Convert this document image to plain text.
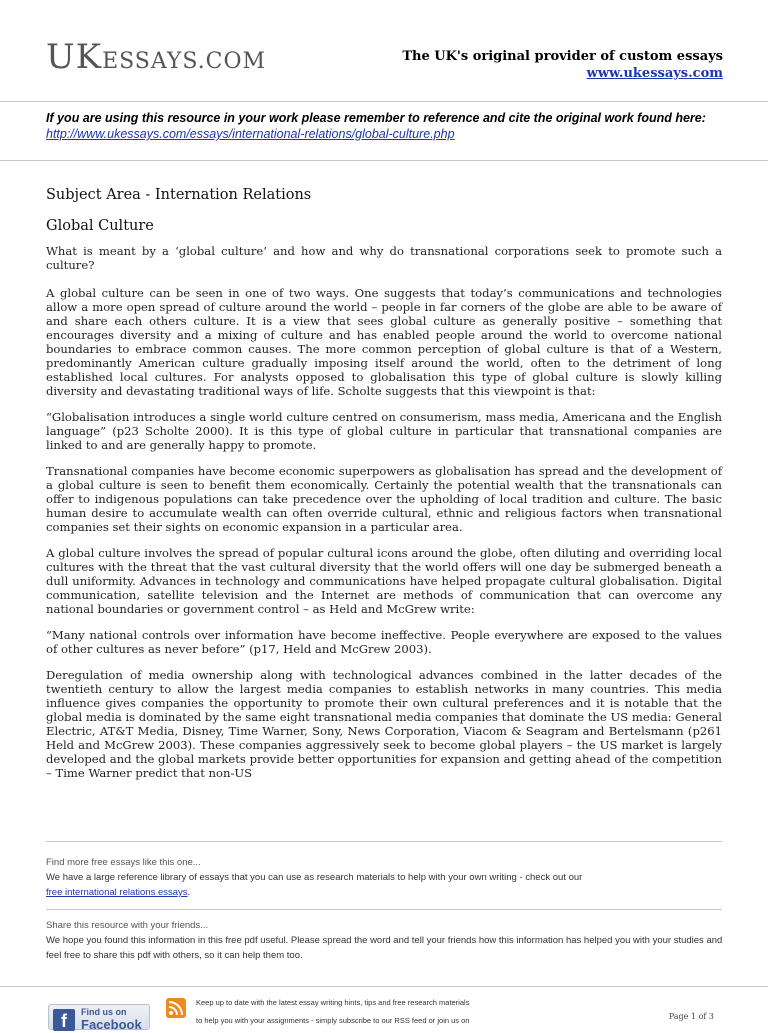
UKESSAYS.COM	The UK's original provider of custom essays
www.ukessays.com
If you are using this resource in your work please remember to reference and cite the original work found here:
http://www.ukessays.com/essays/international-relations/global-culture.php
Subject Area - Internation Relations
Global Culture

What is meant by a ‘global culture’ and how and why do transnational corporations seek to promote such a culture?

A global culture can be seen in one of two ways. One suggests that today’s communications and technologies allow a more open spread of culture around the world – people in far corners of the globe are able to be aware of and share each others culture. It is a view that sees global culture as generally positive – something that encourages diversity and a mixing of culture and has enabled people around the world to overcome national boundaries to embrace common causes. The more common perception of global culture is that of a Western, predominantly American culture gradually imposing itself around the world, often to the detriment of long established local cultures. For analysts opposed to globalisation this type of global culture is slowly killing diversity and devastating traditional ways of life. Scholte suggests that this viewpoint is that:

“Globalisation introduces a single world culture centred on consumerism, mass media, Americana and the English language” (p23 Scholte 2000). It is this type of global culture in particular that transnational companies are linked to and are generally happy to promote.

Transnational companies have become economic superpowers as globalisation has spread and the development of a global culture is seen to benefit them economically. Certainly the potential wealth that the transnationals can offer to indigenous populations can take precedence over the upholding of local tradition and culture. The basic human desire to accumulate wealth can often override cultural, ethnic and religious factors when transnational companies set their sights on economic expansion in a particular area.

A global culture involves the spread of popular cultural icons around the globe, often diluting and overriding local cultures with the threat that the vast cultural diversity that the world offers will one day be submerged beneath a dull uniformity. Advances in technology and communications have helped propagate cultural globalisation. Digital communication, satellite television and the Internet are methods of communication that can overcome any national boundaries or government control – as Held and McGrew write:

“Many national controls over information have become ineffective. People everywhere are exposed to the values of other cultures as never before” (p17, Held and McGrew 2003).

Deregulation of media ownership along with technological advances combined in the latter decades of the twentieth century to allow the largest media companies to establish networks in many countries. This media influence gives companies the opportunity to promote their own cultural preferences and it is notable that the global media is dominated by the same eight transnational media companies that dominate the US media: General Electric, AT&T Media, Disney, Time Warner, Sony, News Corporation, Viacom & Seagram and Bertelsmann (p261 Held and McGrew 2003). These companies aggressively seek to become global players – the US market is largely developed and the global markets provide better opportunities for expansion and getting ahead of the competition – Time Warner predict that non-US

Find more free essays like this one...
We have a large reference library of essays that you can use as research materials to help with your own writing - check out our
free international relations essays.
Share this resource with your friends...
We hope you found this information in this free pdf useful. Please spread the word and tell your friends how this information has helped you with your studies and feel free to share this pdf with others, so it can help them too.
f	Find us on
Facebook
Keep up to date with the latest essay writing hints, tips and free research materials
to help you with your assignments - simply subscribe to our RSS feed or join us on	Page 1 of 3
